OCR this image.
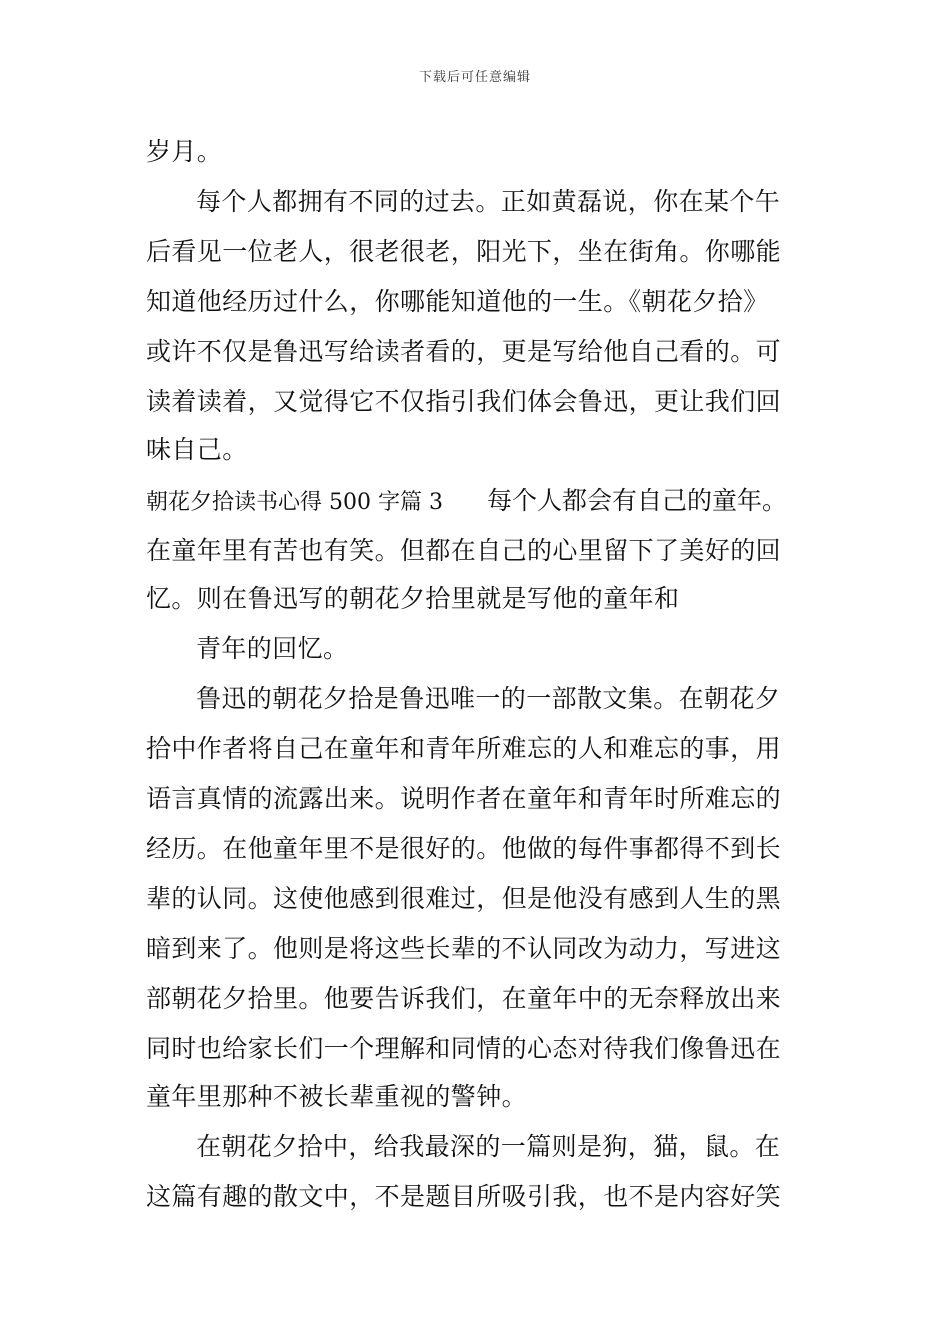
下载后可任意编辑
岁月。
每个人都拥有不同的过去。正如黄磊说，你在某个午
后看见一位老人，很老很老，阳光下，坐在街角。你哪能
知道他经历过什么，你哪能知道他的一生。《朝花夕拾》
或许不仅是鲁迅写给读者看的，更是写给他自己看的。可
读着读着，又觉得它不仅指引我们体会鲁迅，更让我们回
味自己。
朝花夕拾读书心得 500 字篇 3 每个人都会有自己的童年。
在童年里有苦也有笑。但都在自己的心里留下了美好的回
忆。则在鲁迅写的朝花夕拾里就是写他的童年和
青年的回忆。
鲁迅的朝花夕拾是鲁迅唯一的一部散文集。在朝花夕
拾中作者将自己在童年和青年所难忘的人和难忘的事，用
语言真情的流露出来。说明作者在童年和青年时所难忘的
经历。在他童年里不是很好的。他做的每件事都得不到长
辈的认同。这使他感到很难过，但是他没有感到人生的黑
暗到来了。他则是将这些长辈的不认同改为动力，写进这
部朝花夕拾里。他要告诉我们，在童年中的无奈释放出来
同时也给家长们一个理解和同情的心态对待我们像鲁迅在
童年里那种不被长辈重视的警钟。
在朝花夕拾中，给我最深的一篇则是狗，猫，鼠。在
这篇有趣的散文中，不是题目所吸引我，也不是内容好笑
